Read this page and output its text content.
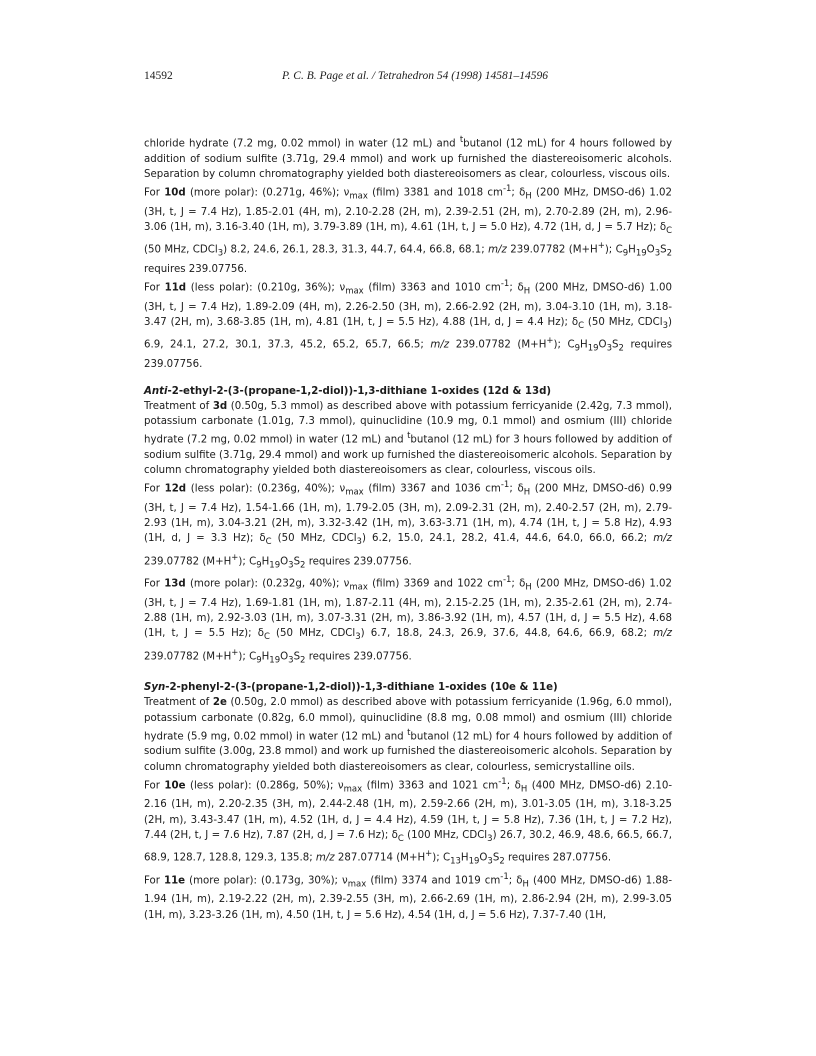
14592	P. C. B. Page et al. / Tetrahedron 54 (1998) 14581–14596

chloride hydrate (7.2 mg, 0.02 mmol) in water (12 mL) and $^t$butanol (12 mL) for 4 hours followed by addition of sodium sulfite (3.71g, 29.4 mmol) and work up furnished the diastereoisomeric alcohols. Separation by column chromatography yielded both diastereoisomers as clear, colourless, viscous oils.

For 10d (more polar): (0.271g, 46%); $\nu_{max}$ (film) 3381 and 1018 $cm^{-1}$; $\delta_H$ (200 MHz, DMSO-d6) 1.02 (3H, t, J = 7.4 Hz), 1.85-2.01 (4H, m), 2.10-2.28 (2H, m), 2.39-2.51 (2H, m), 2.70-2.89 (2H, m), 2.96-3.06 (1H, m), 3.16-3.40 (1H, m), 3.79-3.89 (1H, m), 4.61 (1H, t, J = 5.0 Hz), 4.72 (1H, d, J = 5.7 Hz); $\delta_C$ (50 MHz, CDCl$_3$) 8.2, 24.6, 26.1, 28.3, 31.3, 44.7, 64.4, 66.8, 68.1; m/z 239.07782 (M+H+); $C_9H_{19}O_3S_2$ requires 239.07756.

For 11d (less polar): (0.210g, 36%); $\nu_{max}$ (film) 3363 and 1010 $cm^{-1}$; $\delta_H$ (200 MHz, DMSO-d6) 1.00 (3H, t, J = 7.4 Hz), 1.89-2.09 (4H, m), 2.26-2.50 (3H, m), 2.66-2.92 (2H, m), 3.04-3.10 (1H, m), 3.18-3.47 (2H, m), 3.68-3.85 (1H, m), 4.81 (1H, t, J = 5.5 Hz), 4.88 (1H, d, J = 4.4 Hz); $\delta_C$ (50 MHz, CDCl$_3$) 6.9, 24.1, 27.2, 30.1, 37.3, 45.2, 65.2, 65.7, 66.5; m/z 239.07782 (M+H+); $C_9H_{19}O_3S_2$ requires 239.07756.

Anti-2-ethyl-2-(3-(propane-1,2-diol))-1,3-dithiane 1-oxides (12d & 13d)

Treatment of 3d (0.50g, 5.3 mmol) as described above with potassium ferricyanide (2.42g, 7.3 mmol), potassium carbonate (1.01g, 7.3 mmol), quinuclidine (10.9 mg, 0.1 mmol) and osmium (III) chloride hydrate (7.2 mg, 0.02 mmol) in water (12 mL) and $^t$butanol (12 mL) for 3 hours followed by addition of sodium sulfite (3.71g, 29.4 mmol) and work up furnished the diastereoisomeric alcohols. Separation by column chromatography yielded both diastereoisomers as clear, colourless, viscous oils.

For 12d (less polar): (0.236g, 40%); $\nu_{max}$ (film) 3367 and 1036 $cm^{-1}$; $\delta_H$ (200 MHz, DMSO-d6) 0.99 (3H, t, J = 7.4 Hz), 1.54-1.66 (1H, m), 1.79-2.05 (3H, m), 2.09-2.31 (2H, m), 2.40-2.57 (2H, m), 2.79-2.93 (1H, m), 3.04-3.21 (2H, m), 3.32-3.42 (1H, m), 3.63-3.71 (1H, m), 4.74 (1H, t, J = 5.8 Hz), 4.93 (1H, d, J = 3.3 Hz); $\delta_C$ (50 MHz, CDCl$_3$) 6.2, 15.0, 24.1, 28.2, 41.4, 44.6, 64.0, 66.0, 66.2; m/z 239.07782 (M+H+); $C_9H_{19}O_3S_2$ requires 239.07756.

For 13d (more polar): (0.232g, 40%); $\nu_{max}$ (film) 3369 and 1022 $cm^{-1}$; $\delta_H$ (200 MHz, DMSO-d6) 1.02 (3H, t, J = 7.4 Hz), 1.69-1.81 (1H, m), 1.87-2.11 (4H, m), 2.15-2.25 (1H, m), 2.35-2.61 (2H, m), 2.74-2.88 (1H, m), 2.92-3.03 (1H, m), 3.07-3.31 (2H, m), 3.86-3.92 (1H, m), 4.57 (1H, d, J = 5.5 Hz), 4.68 (1H, t, J = 5.5 Hz); $\delta_C$ (50 MHz, CDCl$_3$) 6.7, 18.8, 24.3, 26.9, 37.6, 44.8, 64.6, 66.9, 68.2; m/z 239.07782 (M+H+); $C_9H_{19}O_3S_2$ requires 239.07756.

Syn-2-phenyl-2-(3-(propane-1,2-diol))-1,3-dithiane 1-oxides (10e & 11e)

Treatment of 2e (0.50g, 2.0 mmol) as described above with potassium ferricyanide (1.96g, 6.0 mmol), potassium carbonate (0.82g, 6.0 mmol), quinuclidine (8.8 mg, 0.08 mmol) and osmium (III) chloride hydrate (5.9 mg, 0.02 mmol) in water (12 mL) and $^t$butanol (12 mL) for 4 hours followed by addition of sodium sulfite (3.00g, 23.8 mmol) and work up furnished the diastereoisomeric alcohols. Separation by column chromatography yielded both diastereoisomers as clear, colourless, semicrystalline oils.

For 10e (less polar): (0.286g, 50%); $\nu_{max}$ (film) 3363 and 1021 $cm^{-1}$; $\delta_H$ (400 MHz, DMSO-d6) 2.10-2.16 (1H, m), 2.20-2.35 (3H, m), 2.44-2.48 (1H, m), 2.59-2.66 (2H, m), 3.01-3.05 (1H, m), 3.18-3.25 (2H, m), 3.43-3.47 (1H, m), 4.52 (1H, d, J = 4.4 Hz), 4.59 (1H, t, J = 5.8 Hz), 7.36 (1H, t, J = 7.2 Hz), 7.44 (2H, t, J = 7.6 Hz), 7.87 (2H, d, J = 7.6 Hz); $\delta_C$ (100 MHz, CDCl$_3$) 26.7, 30.2, 46.9, 48.6, 66.5, 66.7, 68.9, 128.7, 128.8, 129.3, 135.8; m/z 287.07714 (M+H+); $C_{13}H_{19}O_3S_2$ requires 287.07756.

For 11e (more polar): (0.173g, 30%); $\nu_{max}$ (film) 3374 and 1019 $cm^{-1}$; $\delta_H$ (400 MHz, DMSO-d6) 1.88-1.94 (1H, m), 2.19-2.22 (2H, m), 2.39-2.55 (3H, m), 2.66-2.69 (1H, m), 2.86-2.94 (2H, m), 2.99-3.05 (1H, m), 3.23-3.26 (1H, m), 4.50 (1H, t, J = 5.6 Hz), 4.54 (1H, d, J = 5.6 Hz), 7.37-7.40 (1H,
